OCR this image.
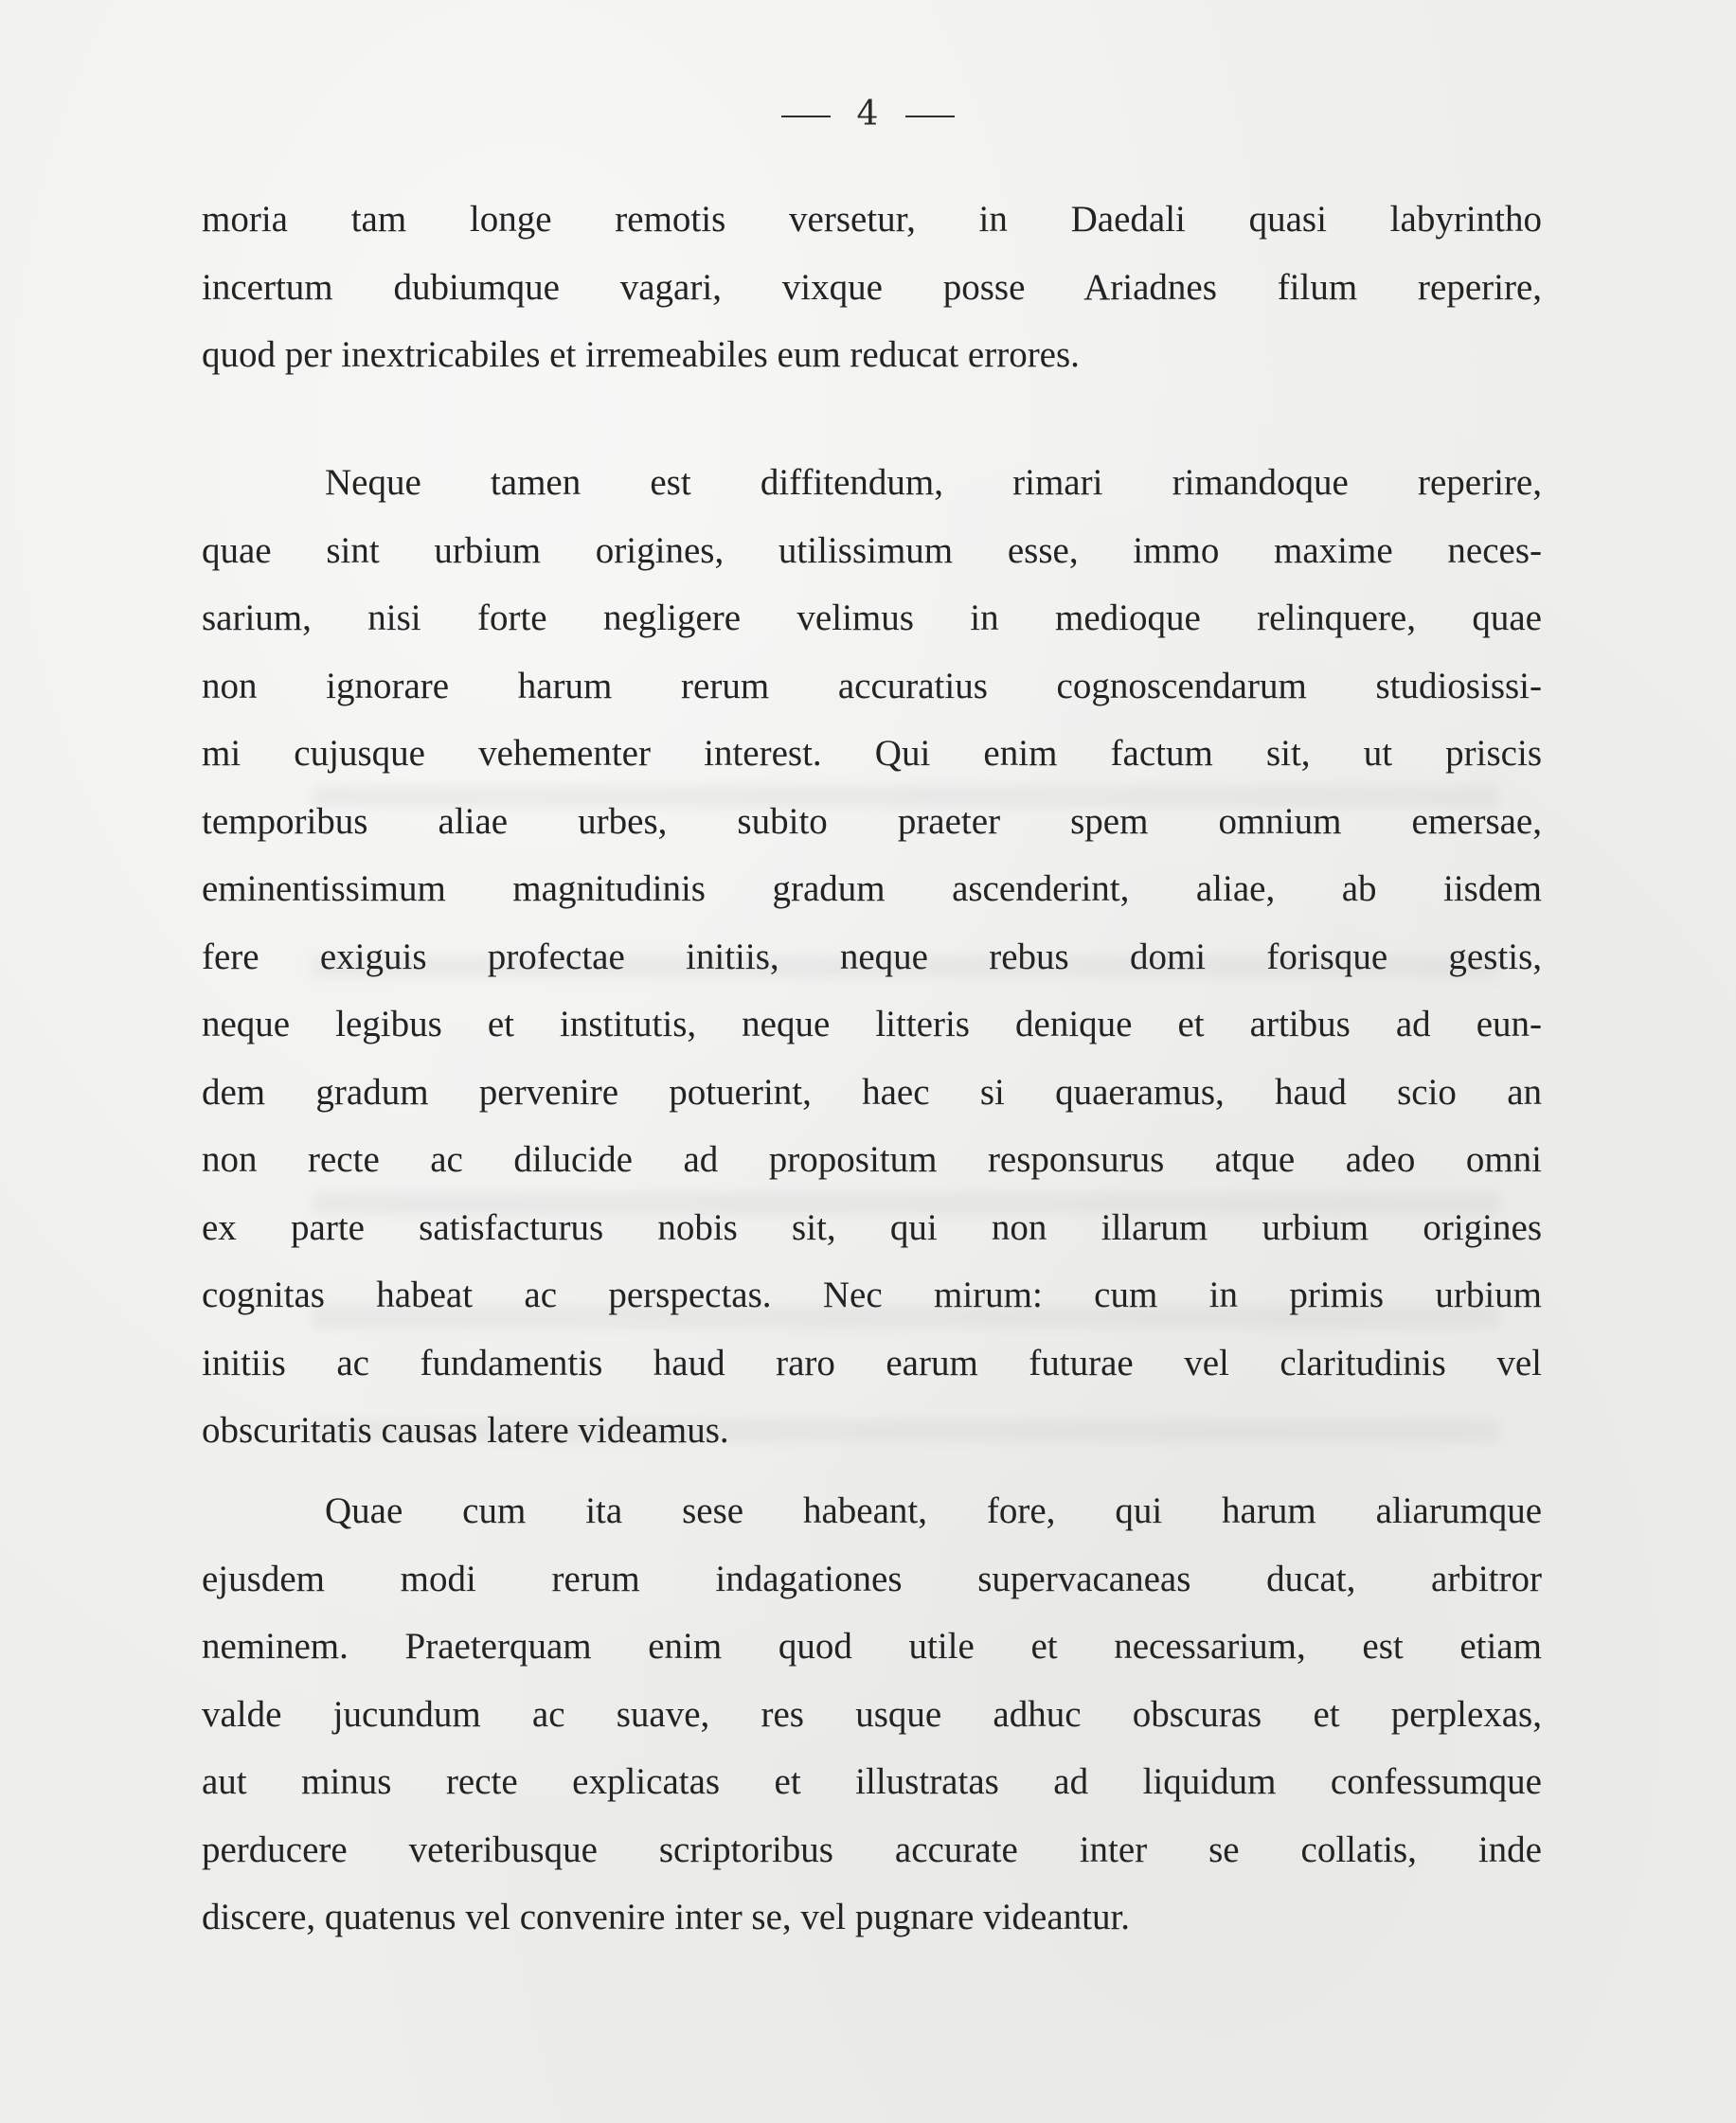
4
moria tam longe remotis versetur, in Daedali quasi labyrintho
incertum dubiumque vagari, vixque posse Ariadnes filum reperire,
quod per inextricabiles et irremeabiles eum reducat errores.
Neque tamen est diffitendum, rimari rimandoque reperire,
quae sint urbium origines, utilissimum esse, immo maxime neces-
sarium, nisi forte negligere velimus in medioque relinquere, quae
non ignorare harum rerum accuratius cognoscendarum studiosissi-
mi cujusque vehementer interest. Qui enim factum sit, ut priscis
temporibus aliae urbes, subito praeter spem omnium emersae,
eminentissimum magnitudinis gradum ascenderint, aliae, ab iisdem
fere exiguis profectae initiis, neque rebus domi forisque gestis,
neque legibus et institutis, neque litteris denique et artibus ad eun-
dem gradum pervenire potuerint, haec si quaeramus, haud scio an
non recte ac dilucide ad propositum responsurus atque adeo omni
ex parte satisfacturus nobis sit, qui non illarum urbium origines
cognitas habeat ac perspectas. Nec mirum: cum in primis urbium
initiis ac fundamentis haud raro earum futurae vel claritudinis vel
obscuritatis causas latere videamus.
Quae cum ita sese habeant, fore, qui harum aliarumque
ejusdem modi rerum indagationes supervacaneas ducat, arbitror
neminem. Praeterquam enim quod utile et necessarium, est etiam
valde jucundum ac suave, res usque adhuc obscuras et perplexas,
aut minus recte explicatas et illustratas ad liquidum confessumque
perducere veteribusque scriptoribus accurate inter se collatis, inde
discere, quatenus vel convenire inter se, vel pugnare videantur.
